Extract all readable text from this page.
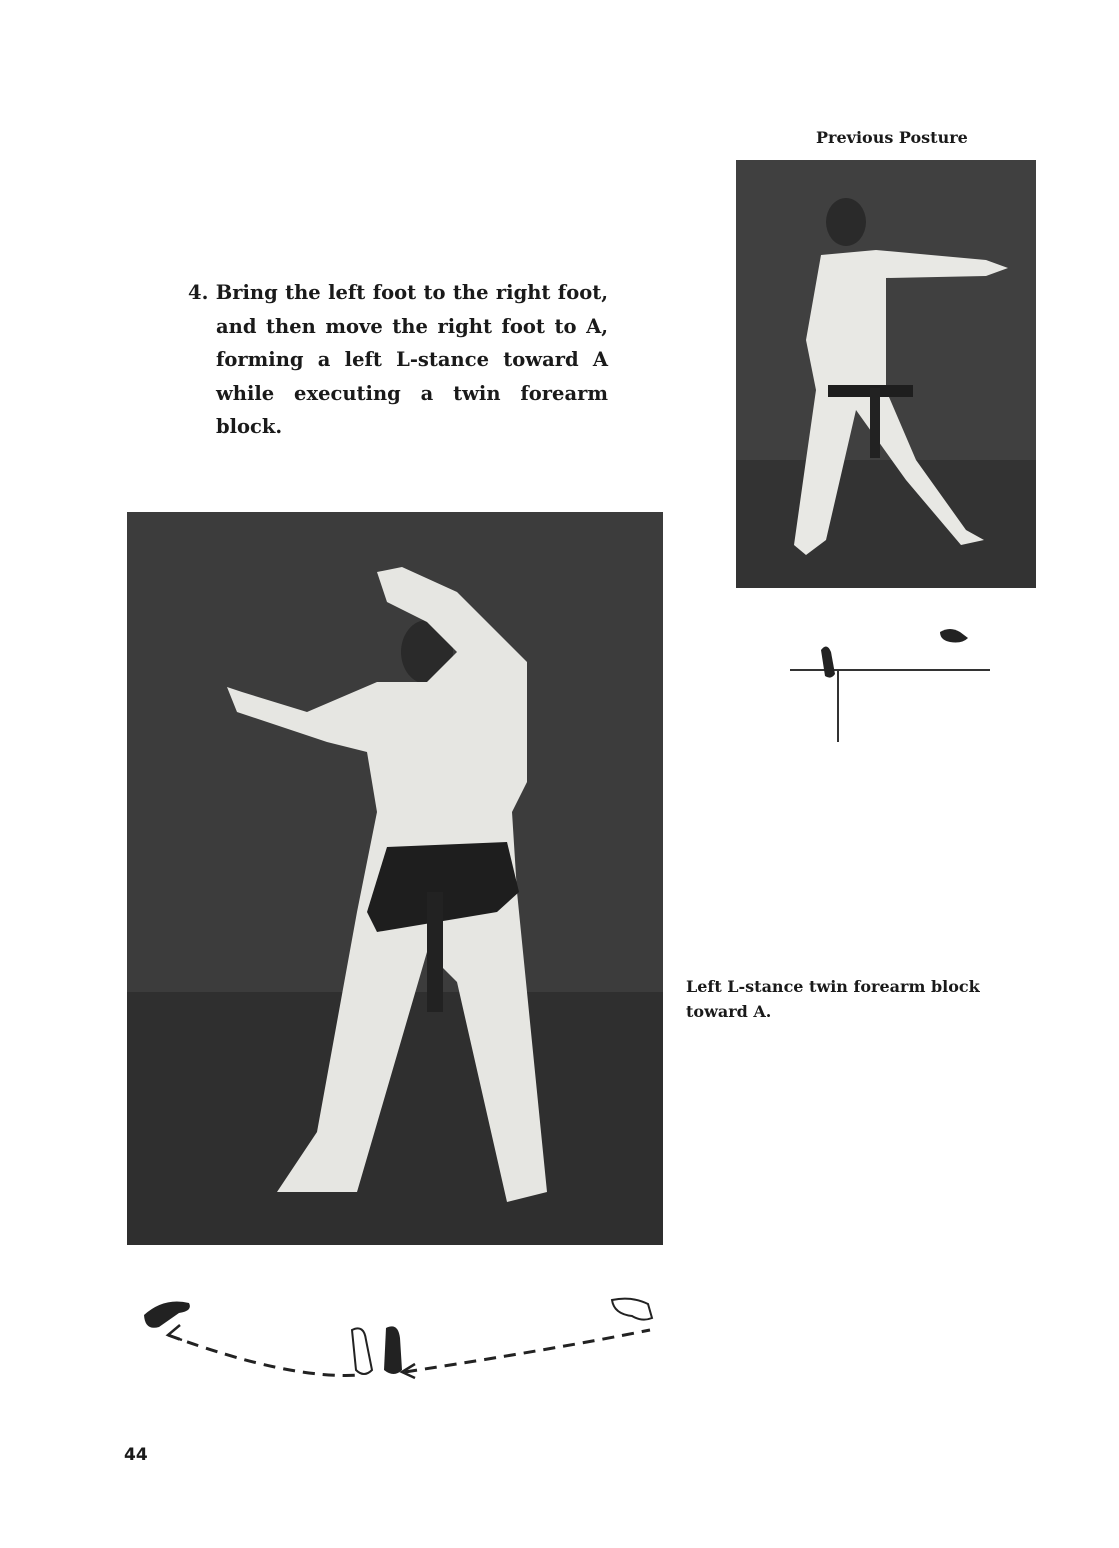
4. Bring the left foot to the right foot,
and then move the right foot to A,
forming a left L-stance toward A
while executing a twin forearm
block.
Previous Posture
Left L-stance twin forearm block
toward A.
44
